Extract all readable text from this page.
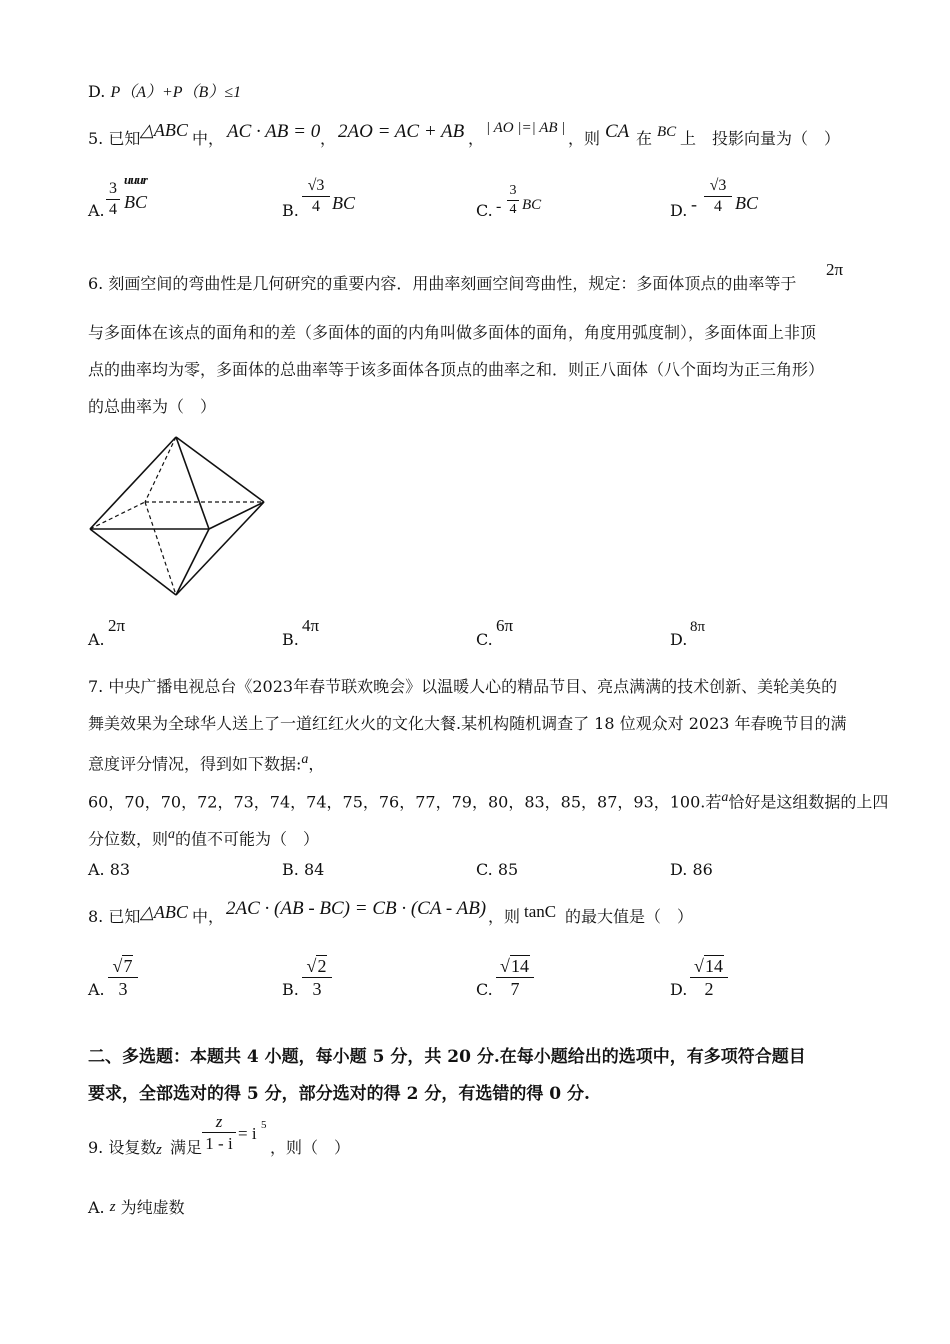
D. P（A）+P（B）≤1
5. 已知 △ABC 中， AC · AB = 0 ， 2AO = AC + AB ，
| AO |=| AB |
，则 CA 在 BC 上　投影向量为（　）
A.
uuur
3
4 BC	B.
√3
4 BC	C. -
3
4 BC	D. -
√3
4 BC
6. 刻画空间的弯曲性是几何研究的重要内容．用曲率刻画空间弯曲性，规定：多面体顶点的曲率等于
2π
与多面体在该点的面角和的差（多面体的面的内角叫做多面体的面角，角度用弧度制），多面体面上非顶
点的曲率均为零，多面体的总曲率等于该多面体各顶点的曲率之和．则正八面体（八个面均为正三角形）
的总曲率为（　）
A.
2π
B.
4π
C.
6π
D.
8π
7. 中央广播电视总台《2023年春节联欢晚会》以温暖人心的精品节目、亮点满满的技术创新、美轮美奂的
舞美效果为全球华人送上了一道红红火火的文化大餐.某机构随机调查了 18 位观众对 2023 年春晚节目的满
意度评分情况，得到如下数据:$^a$，
60，70，70，72，73，74，74，75，76，77，79，80，83，85，87，93，100.若$^a$恰好是这组数据的上四
分位数，则$^a$的值不可能为（　）
A. 83	B. 84	C. 85	D. 86
8. 已知 △ABC 中， 2AC · (AB - BC) = CB · (CA - AB) ，则 tanC 的最大值是（　）
A.
√7
3	B.
√2
3	C.
√14
7	D.
√14
2
二、多选题：本题共 4 小题，每小题 5 分，共 20 分.在每小题给出的选项中，有多项符合题目
要求，全部选对的得 5 分，部分选对的得 2 分，有选错的得 0 分.
9. 设复数 z 满足
z
1 - i
= i 5
，则（　）
A. z 为纯虚数
